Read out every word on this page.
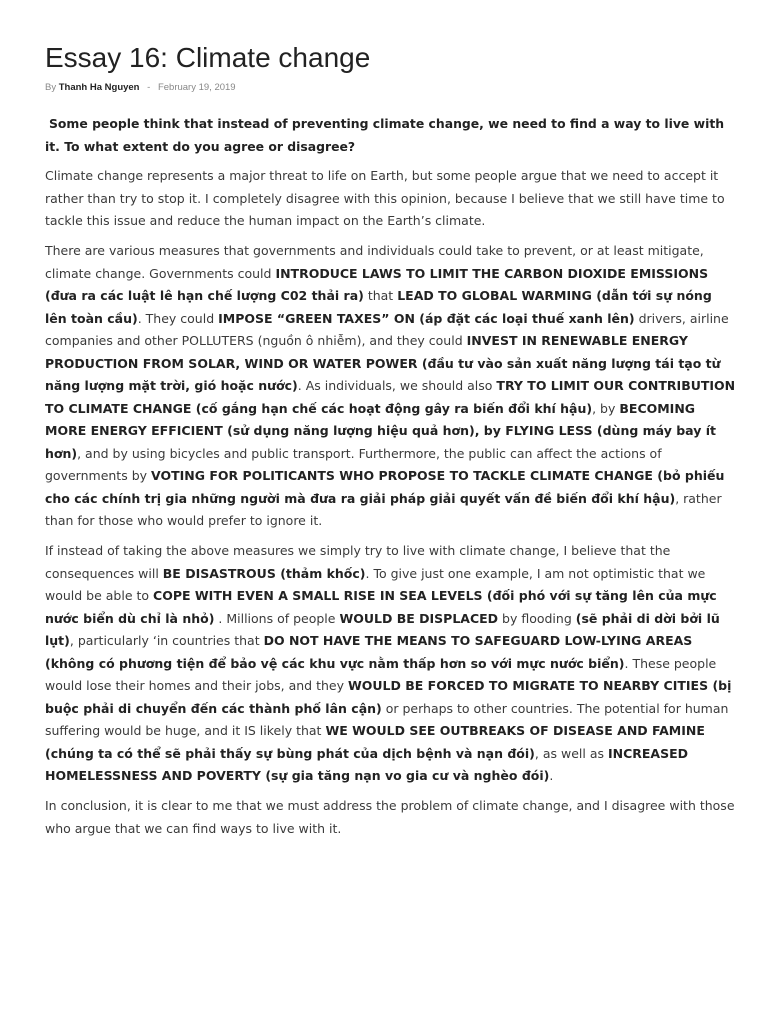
Essay 16: Climate change
By Thanh Ha Nguyen - February 19, 2019

Some people think that instead of preventing climate change, we need to find a way to live with it. To what extent do you agree or disagree?

Climate change represents a major threat to life on Earth, but some people argue that we need to accept it rather than try to stop it. I completely disagree with this opinion, because I believe that we still have time to tackle this issue and reduce the human impact on the Earth’s climate.

There are various measures that governments and individuals could take to prevent, or at least mitigate, climate change. Governments could INTRODUCE LAWS TO LIMIT THE CARBON DIOXIDE EMISSIONS (đưa ra các luật lê hạn chế lượng C02 thải ra) that LEAD TO GLOBAL WARMING (dẫn tới sự nóng lên toàn cầu). They could IMPOSE “GREEN TAXES” ON (áp đặt các loại thuế xanh lên) drivers, airline companies and other POLLUTERS (nguồn ô nhiễm), and they could INVEST IN RENEWABLE ENERGY PRODUCTION FROM SOLAR, WIND OR WATER POWER (đầu tư vào sản xuất năng lượng tái tạo từ năng lượng mặt trời, gió hoặc nước). As individuals, we should also TRY TO LIMIT OUR CONTRIBUTION TO CLIMATE CHANGE (cố gắng hạn chế các hoạt động gây ra biến đổi khí hậu), by BECOMING MORE ENERGY EFFICIENT (sử dụng năng lượng hiệu quả hơn), by FLYING LESS (dùng máy bay ít hơn), and by using bicycles and public transport. Furthermore, the public can affect the actions of governments by VOTING FOR POLITICANTS WHO PROPOSE TO TACKLE CLIMATE CHANGE (bỏ phiếu cho các chính trị gia những người mà đưa ra giải pháp giải quyết vấn đề biến đổi khí hậu), rather than for those who would prefer to ignore it.

If instead of taking the above measures we simply try to live with climate change, I believe that the consequences will BE DISASTROUS (thảm khốc). To give just one example, I am not optimistic that we would be able to COPE WITH EVEN A SMALL RISE IN SEA LEVELS (đối phó với sự tăng lên của mực nước biển dù chỉ là nhỏ) . Millions of people WOULD BE DISPLACED by flooding (sẽ phải di dời bởi lũ lụt), particularly ‘in countries that DO NOT HAVE THE MEANS TO SAFEGUARD LOW-LYING AREAS (không có phương tiện để bảo vệ các khu vực nằm thấp hơn so với mực nước biển). These people would lose their homes and their jobs, and they WOULD BE FORCED TO MIGRATE TO NEARBY CITIES (bị buộc phải di chuyển đến các thành phố lân cận) or perhaps to other countries. The potential for human suffering would be huge, and it IS likely that WE WOULD SEE OUTBREAKS OF DISEASE AND FAMINE (chúng ta có thể sẽ phải thấy sự bùng phát của dịch bệnh và nạn đói), as well as INCREASED HOMELESSNESS AND POVERTY (sự gia tăng nạn vo gia cư và nghèo đói).

In conclusion, it is clear to me that we must address the problem of climate change, and I disagree with those who argue that we can find ways to live with it.
